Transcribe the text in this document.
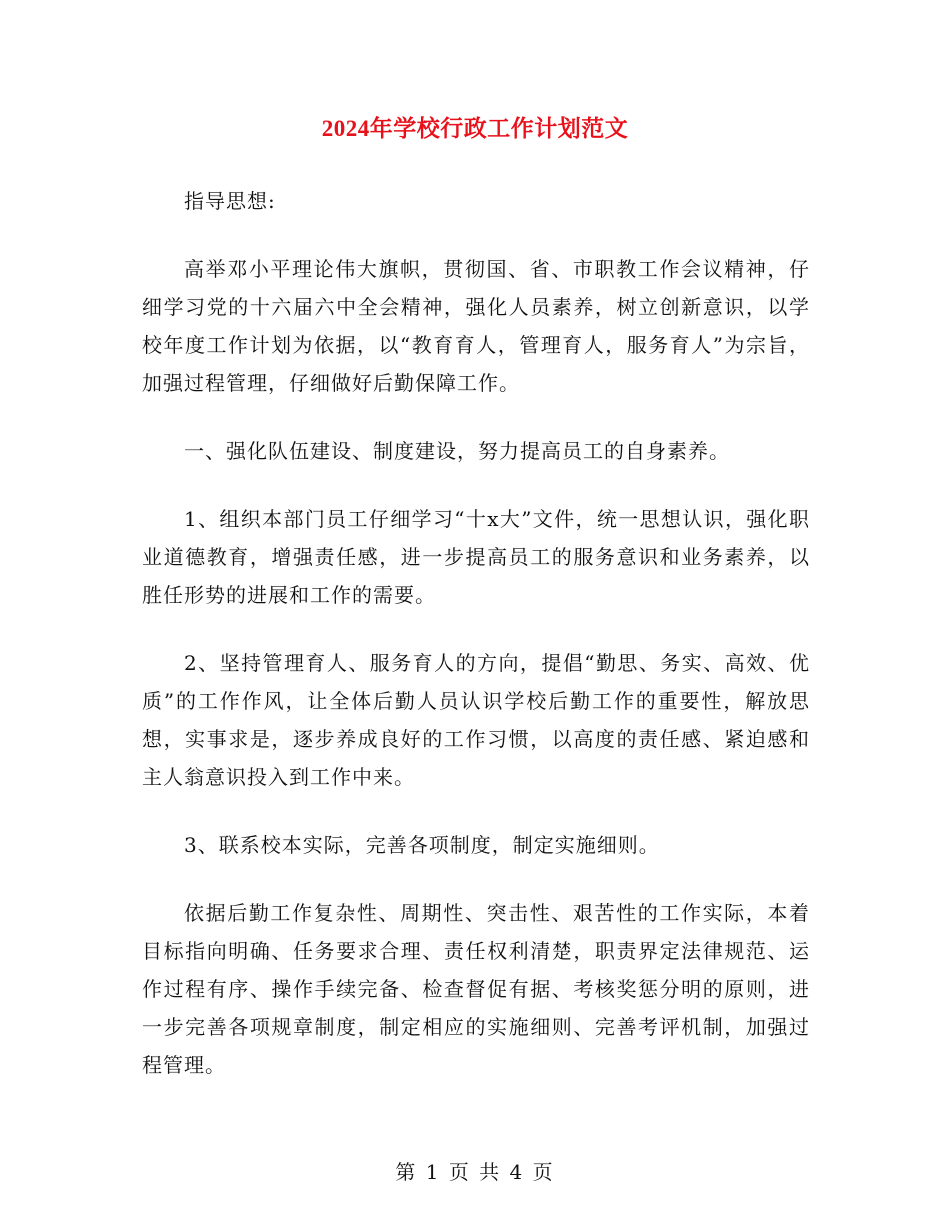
2024年学校行政工作计划范文

指导思想:

高举邓小平理论伟大旗帜，贯彻国、省、市职教工作会议精神，仔细学习党的十六届六中全会精神，强化人员素养，树立创新意识，以学校年度工作计划为依据，以“教育育人，管理育人，服务育人”为宗旨，加强过程管理，仔细做好后勤保障工作。

一、强化队伍建设、制度建设，努力提高员工的自身素养。

1、组织本部门员工仔细学习“十x大”文件，统一思想认识，强化职业道德教育，增强责任感，进一步提高员工的服务意识和业务素养，以胜任形势的进展和工作的需要。

2、坚持管理育人、服务育人的方向，提倡“勤思、务实、高效、优质”的工作作风，让全体后勤人员认识学校后勤工作的重要性，解放思想，实事求是，逐步养成良好的工作习惯，以高度的责任感、紧迫感和主人翁意识投入到工作中来。

3、联系校本实际，完善各项制度，制定实施细则。

依据后勤工作复杂性、周期性、突击性、艰苦性的工作实际，本着目标指向明确、任务要求合理、责任权利清楚，职责界定法律规范、运作过程有序、操作手续完备、检查督促有据、考核奖惩分明的原则，进一步完善各项规章制度，制定相应的实施细则、完善考评机制，加强过程管理。

第 1 页 共 4 页
